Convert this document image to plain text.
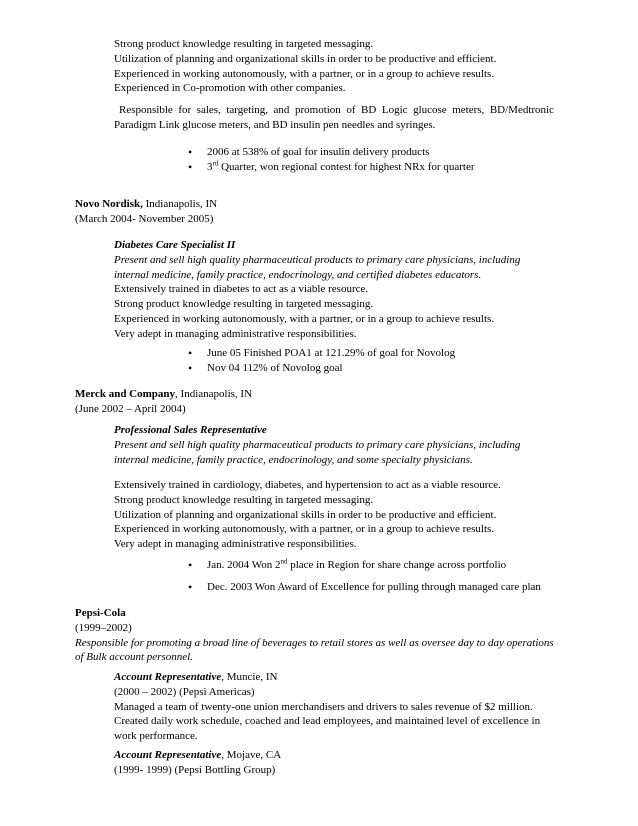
Strong product knowledge resulting in targeted messaging.

Utilization of planning and organizational skills in order to be productive and efficient.

Experienced in working autonomously, with a partner, or in a group to achieve results.

Experienced in Co-promotion with other companies.

Responsible for sales, targeting, and promotion of BD Logic glucose meters, BD/Medtronic Paradigm Link glucose meters, and BD insulin pen needles and syringes.

• 2006 at 538% of goal for insulin delivery products
• 3rd Quarter, won regional contest for highest NRx for quarter

Novo Nordisk, Indianapolis, IN

(March 2004- November 2005)

Diabetes Care Specialist II

Present and sell high quality pharmaceutical products to primary care physicians, including internal medicine, family practice, endocrinology, and certified diabetes educators.

Extensively trained in diabetes to act as a viable resource.

Strong product knowledge resulting in targeted messaging.

Experienced in working autonomously, with a partner, or in a group to achieve results.

Very adept in managing administrative responsibilities.

• June 05 Finished POA1 at 121.29% of goal for Novolog
• Nov 04 112% of Novolog goal

Merck and Company, Indianapolis, IN

(June 2002 – April 2004)

Professional Sales Representative

Present and sell high quality pharmaceutical products to primary care physicians, including internal medicine, family practice, endocrinology, and some specialty physicians.

Extensively trained in cardiology, diabetes, and hypertension to act as a viable resource.

Strong product knowledge resulting in targeted messaging.

Utilization of planning and organizational skills in order to be productive and efficient.

Experienced in working autonomously, with a partner, or in a group to achieve results.

Very adept in managing administrative responsibilities.

• Jan. 2004 Won 2nd place in Region for share change across portfolio
• Dec. 2003 Won Award of Excellence for pulling through managed care plan

Pepsi-Cola

(1999–2002)

Responsible for promoting a broad line of beverages to retail stores as well as oversee day to day operations of Bulk account personnel.

Account Representative, Muncie, IN

(2000 – 2002) (Pepsi Americas)

Managed a team of twenty-one union merchandisers and drivers to sales revenue of $2 million.

Created daily work schedule, coached and lead employees, and maintained level of excellence in work performance.

Account Representative, Mojave, CA

(1999- 1999) (Pepsi Bottling Group)
